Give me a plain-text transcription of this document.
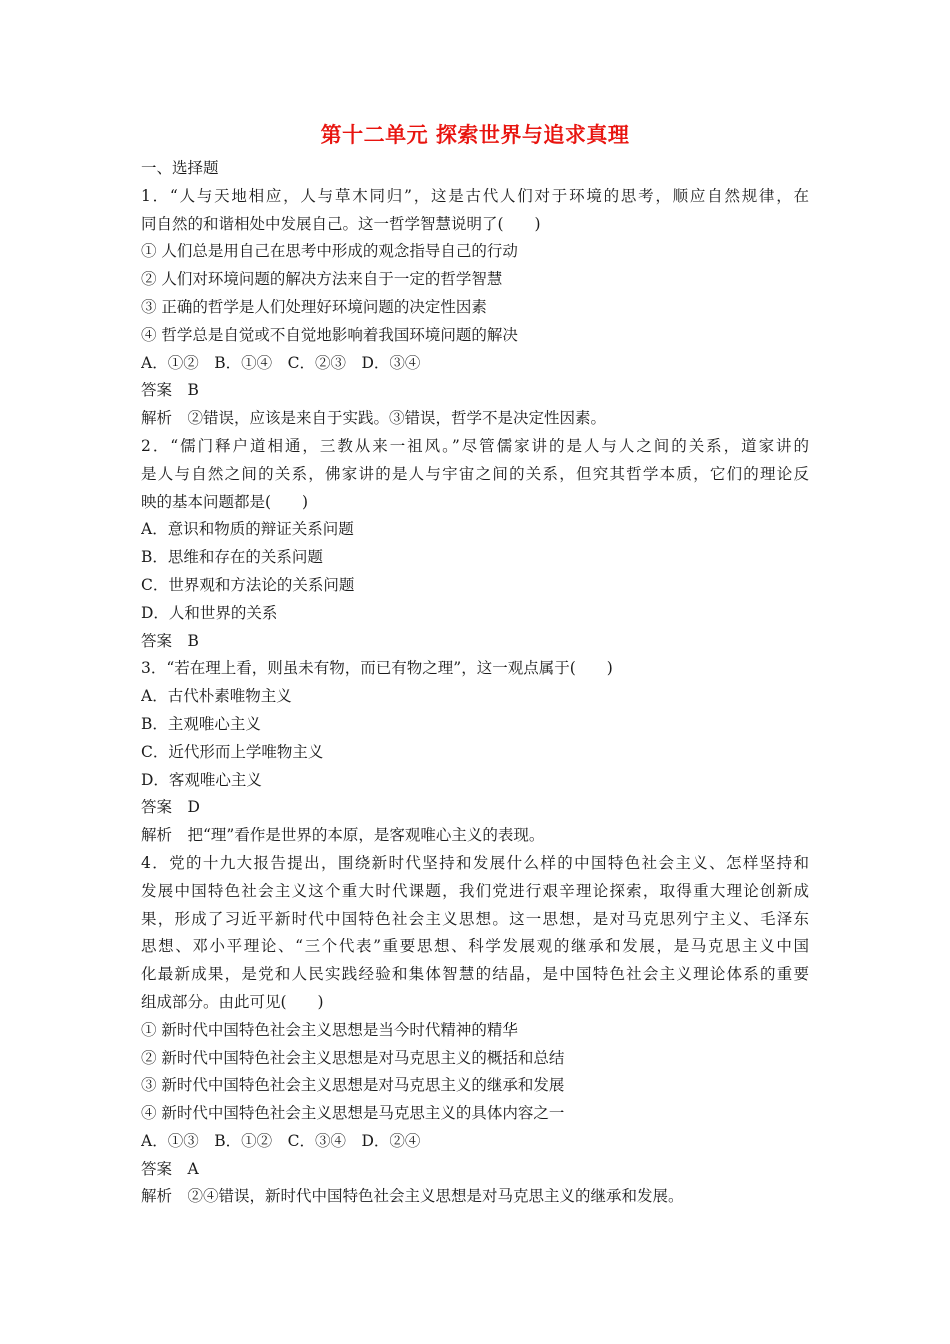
第十二单元 探索世界与追求真理
一、选择题
1．“人与天地相应，人与草木同归”，这是古代人们对于环境的思考，顺应自然规律，在
同自然的和谐相处中发展自己。这一哲学智慧说明了(　　)
① 人们总是用自己在思考中形成的观念指导自己的行动
② 人们对环境问题的解决方法来自于一定的哲学智慧
③ 正确的哲学是人们处理好环境问题的决定性因素
④ 哲学总是自觉或不自觉地影响着我国环境问题的解决
A．①②　B．①④　C．②③　D．③④
答案　B
解析　②错误，应该是来自于实践。③错误，哲学不是决定性因素。
2．“儒门释户道相通，三教从来一祖风。”尽管儒家讲的是人与人之间的关系，道家讲的
是人与自然之间的关系，佛家讲的是人与宇宙之间的关系，但究其哲学本质，它们的理论反
映的基本问题都是(　　)
A．意识和物质的辩证关系问题
B．思维和存在的关系问题
C．世界观和方法论的关系问题
D．人和世界的关系
答案　B
3．“若在理上看，则虽未有物，而已有物之理”，这一观点属于(　　)
A．古代朴素唯物主义
B．主观唯心主义
C．近代形而上学唯物主义
D．客观唯心主义
答案　D
解析　把“理”看作是世界的本原，是客观唯心主义的表现。
4．党的十九大报告提出，围绕新时代坚持和发展什么样的中国特色社会主义、怎样坚持和
发展中国特色社会主义这个重大时代课题，我们党进行艰辛理论探索，取得重大理论创新成
果，形成了习近平新时代中国特色社会主义思想。这一思想，是对马克思列宁主义、毛泽东
思想、邓小平理论、“三个代表”重要思想、科学发展观的继承和发展，是马克思主义中国
化最新成果，是党和人民实践经验和集体智慧的结晶，是中国特色社会主义理论体系的重要
组成部分。由此可见(　　)
① 新时代中国特色社会主义思想是当今时代精神的精华
② 新时代中国特色社会主义思想是对马克思主义的概括和总结
③ 新时代中国特色社会主义思想是对马克思主义的继承和发展
④ 新时代中国特色社会主义思想是马克思主义的具体内容之一
A．①③　B．①②　C．③④　D．②④
答案　A
解析　②④错误，新时代中国特色社会主义思想是对马克思主义的继承和发展。
